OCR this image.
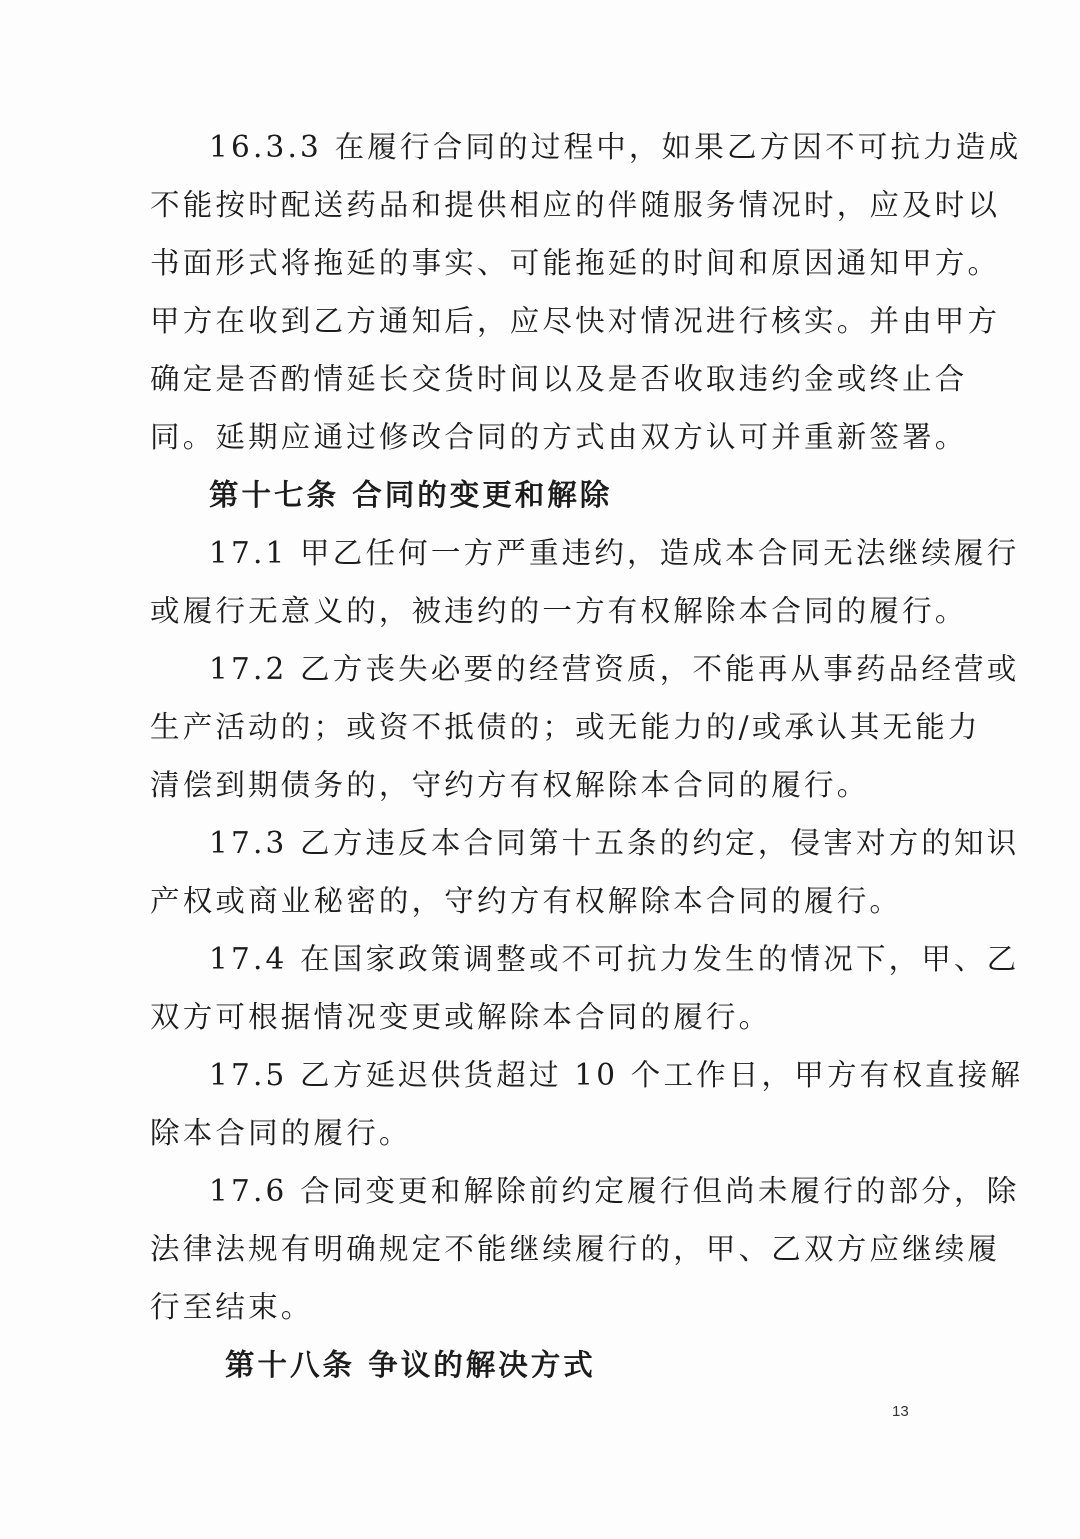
16.3.3 在履行合同的过程中，如果乙方因不可抗力造成
不能按时配送药品和提供相应的伴随服务情况时，应及时以
书面形式将拖延的事实、可能拖延的时间和原因通知甲方。
甲方在收到乙方通知后，应尽快对情况进行核实。并由甲方
确定是否酌情延长交货时间以及是否收取违约金或终止合
同。延期应通过修改合同的方式由双方认可并重新签署。

第十七条 合同的变更和解除

17.1 甲乙任何一方严重违约，造成本合同无法继续履行
或履行无意义的，被违约的一方有权解除本合同的履行。

17.2 乙方丧失必要的经营资质，不能再从事药品经营或
生产活动的；或资不抵债的；或无能力的/或承认其无能力
清偿到期债务的，守约方有权解除本合同的履行。

17.3 乙方违反本合同第十五条的约定，侵害对方的知识
产权或商业秘密的，守约方有权解除本合同的履行。

17.4 在国家政策调整或不可抗力发生的情况下，甲、乙
双方可根据情况变更或解除本合同的履行。

17.5 乙方延迟供货超过 10 个工作日，甲方有权直接解
除本合同的履行。

17.6 合同变更和解除前约定履行但尚未履行的部分，除
法律法规有明确规定不能继续履行的，甲、乙双方应继续履
行至结束。

第十八条 争议的解决方式
13
